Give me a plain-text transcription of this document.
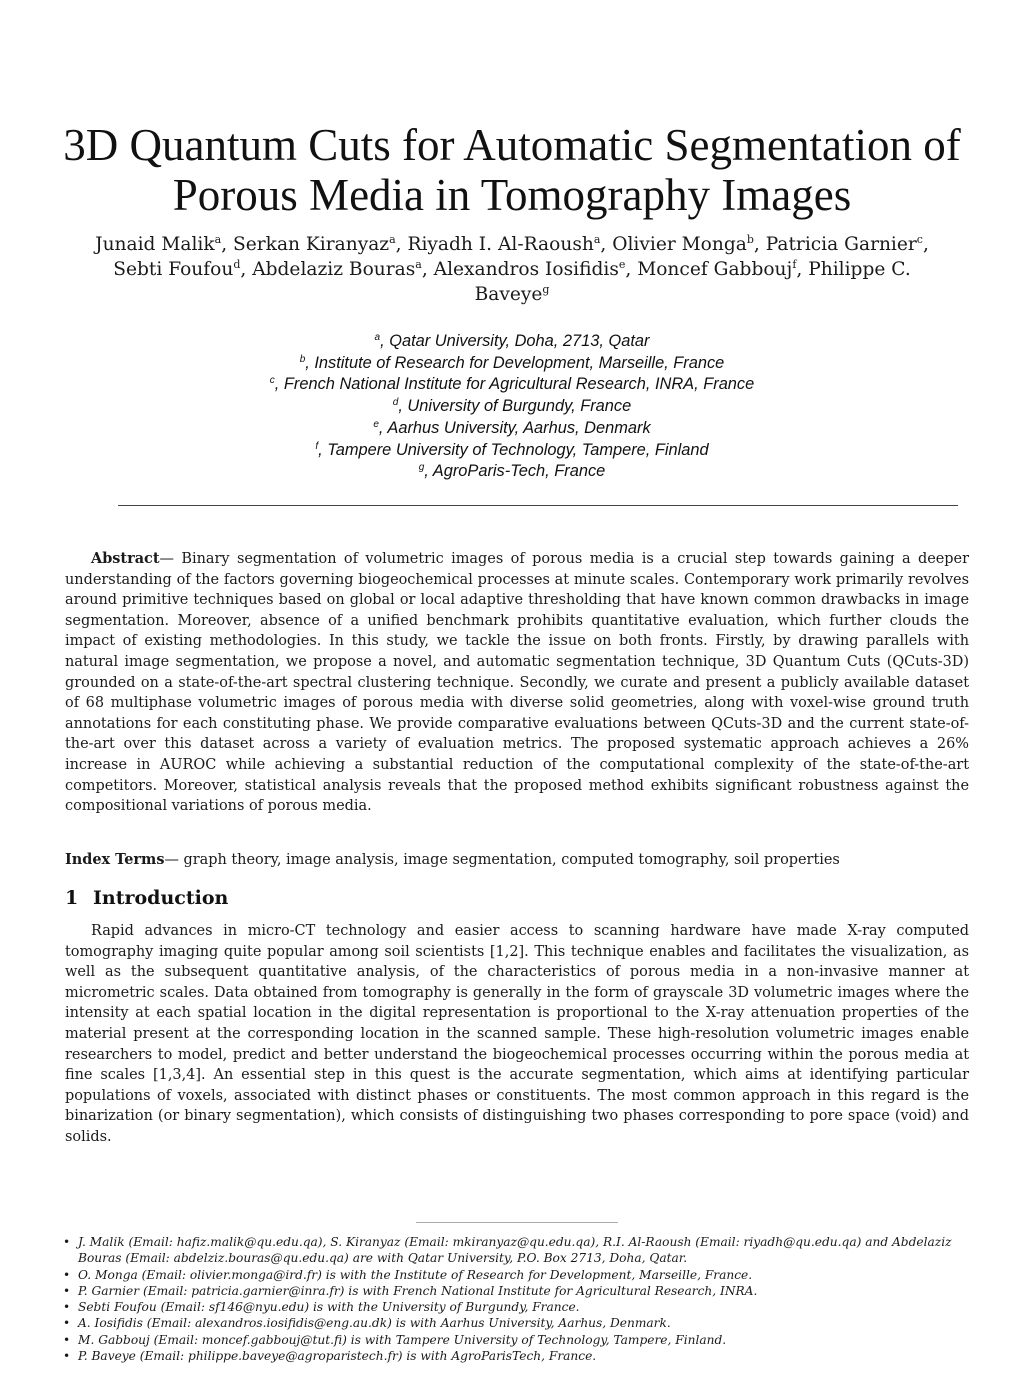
3D Quantum Cuts for Automatic Segmentation of Porous Media in Tomography Images
Junaid Malik$^a$, Serkan Kiranyaz$^a$, Riyadh I. Al-Raoush$^a$, Olivier Monga$^b$, Patricia Garnier$^c$,
Sebti Foufou$^d$, Abdelaziz Bouras$^a$, Alexandros Iosifidis$^e$, Moncef Gabbouj$^f$, Philippe C. Baveye$^g$
$^a$, Qatar University, Doha, 2713, Qatar
$^b$, Institute of Research for Development, Marseille, France
$^c$, French National Institute for Agricultural Research, INRA, France
$^d$, University of Burgundy, France
$^e$, Aarhus University, Aarhus, Denmark
$^f$, Tampere University of Technology, Tampere, Finland
$^g$, AgroParis-Tech, France

Abstract— Binary segmentation of volumetric images of porous media is a crucial step towards gaining a deeper understanding of the factors governing biogeochemical processes at minute scales. Contemporary work primarily revolves around primitive techniques based on global or local adaptive thresholding that have known common drawbacks in image segmentation. Moreover, absence of a unified benchmark prohibits quantitative evaluation, which further clouds the impact of existing methodologies. In this study, we tackle the issue on both fronts. Firstly, by drawing parallels with natural image segmentation, we propose a novel, and automatic segmentation technique, 3D Quantum Cuts (QCuts-3D) grounded on a state-of-the-art spectral clustering technique. Secondly, we curate and present a publicly available dataset of 68 multiphase volumetric images of porous media with diverse solid geometries, along with voxel-wise ground truth annotations for each constituting phase. We provide comparative evaluations between QCuts-3D and the current state-of-the-art over this dataset across a variety of evaluation metrics. The proposed systematic approach achieves a 26% increase in AUROC while achieving a substantial reduction of the computational complexity of the state-of-the-art competitors. Moreover, statistical analysis reveals that the proposed method exhibits significant robustness against the compositional variations of porous media.

Index Terms— graph theory, image analysis, image segmentation, computed tomography, soil properties

1 Introduction

Rapid advances in micro-CT technology and easier access to scanning hardware have made X-ray computed tomography imaging quite popular among soil scientists [1,2]. This technique enables and facilitates the visualization, as well as the subsequent quantitative analysis, of the characteristics of porous media in a non-invasive manner at micrometric scales. Data obtained from tomography is generally in the form of grayscale 3D volumetric images where the intensity at each spatial location in the digital representation is proportional to the X-ray attenuation properties of the material present at the corresponding location in the scanned sample. These high-resolution volumetric images enable researchers to model, predict and better understand the biogeochemical processes occurring within the porous media at fine scales [1,3,4]. An essential step in this quest is the accurate segmentation, which aims at identifying particular populations of voxels, associated with distinct phases or constituents. The most common approach in this regard is the binarization (or binary segmentation), which consists of distinguishing two phases corresponding to pore space (void) and solids.

• J. Malik (Email: hafiz.malik@qu.edu.qa), S. Kiranyaz (Email: mkiranyaz@qu.edu.qa), R.I. Al-Raoush (Email: riyadh@qu.edu.qa) and Abdelaziz Bouras (Email: abdelziz.bouras@qu.edu.qa) are with Qatar University, P.O. Box 2713, Doha, Qatar.
• O. Monga (Email: olivier.monga@ird.fr) is with the Institute of Research for Development, Marseille, France.
• P. Garnier (Email: patricia.garnier@inra.fr) is with French National Institute for Agricultural Research, INRA.
• Sebti Foufou (Email: sf146@nyu.edu) is with the University of Burgundy, France.
• A. Iosifidis (Email: alexandros.iosifidis@eng.au.dk) is with Aarhus University, Aarhus, Denmark.
• M. Gabbouj (Email: moncef.gabbouj@tut.fi) is with Tampere University of Technology, Tampere, Finland.
• P. Baveye (Email: philippe.baveye@agroparistech.fr) is with AgroParisTech, France.
